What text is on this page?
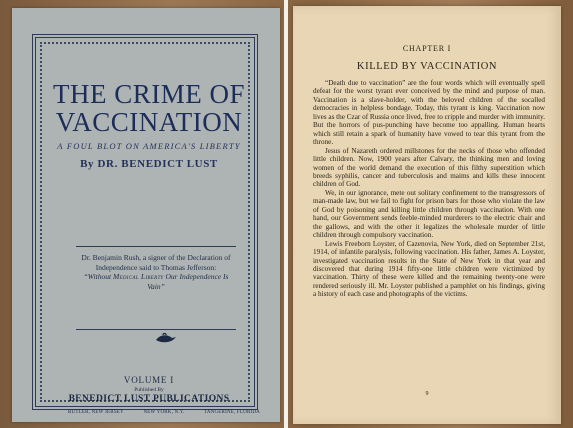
THE CRIME OF
VACCINATION
A FOUL BLOT ON AMERICA'S LIBERTY
By DR. BENEDICT LUST
Dr. Benjamin Rush, a signer of the Declaration of Independence said to Thomas Jefferson:
“Without Medical Liberty Our Independence Is Vain”
VOLUME I
Published By
BENEDICT LUST PUBLICATIONS
BUTLER, NEW JERSEY	NEW YORK, N.Y.	TANGERINE, FLORIDA
CHAPTER I
KILLED BY VACCINATION

“Death due to vaccination” are the four words which will eventually spell defeat for the worst tyrant ever conceived by the mind and purpose of man. Vaccination is a slave-holder, with the beloved children of the socalled democracies in helpless bondage. Today, this tyrant is king. Vaccination now lives as the Czar of Russia once lived, free to cripple and murder with immunity. But the horrors of pus-punching have become too appalling. Human hearts which still retain a spark of humanity have vowed to tear this tyrant from the throne.

Jesus of Nazareth ordered millstones for the necks of those who offended little children. Now, 1900 years after Calvary, the thinking men and loving women of the world demand the execution of this filthy superstition which breeds syphilis, cancer and tuberculosis and maims and kills these innocent children of God.

We, in our ignorance, mete out solitary confinement to the transgressors of man-made law, but we fail to fight for prison bars for those who violate the law of God by poisoning and killing little children through vaccination. With one hand, our Government sends feeble-minded murderers to the electric chair and the gallows, and with the other it legalizes the wholesale murder of little children through compulsory vaccination.

Lewis Freeborn Loyster, of Cazenovia, New York, died on September 21st, 1914, of infantile paralysis, following vaccination. His father, James A. Loyster, investigated vaccination results in the State of New York in that year and discovered that during 1914 fifty-one little children were victimized by vaccination. Thirty of these were killed and the remaining twenty-one were rendered seriously ill. Mr. Loyster published a pamphlet on his findings, giving a history of each case and photographs of the victims.

9
